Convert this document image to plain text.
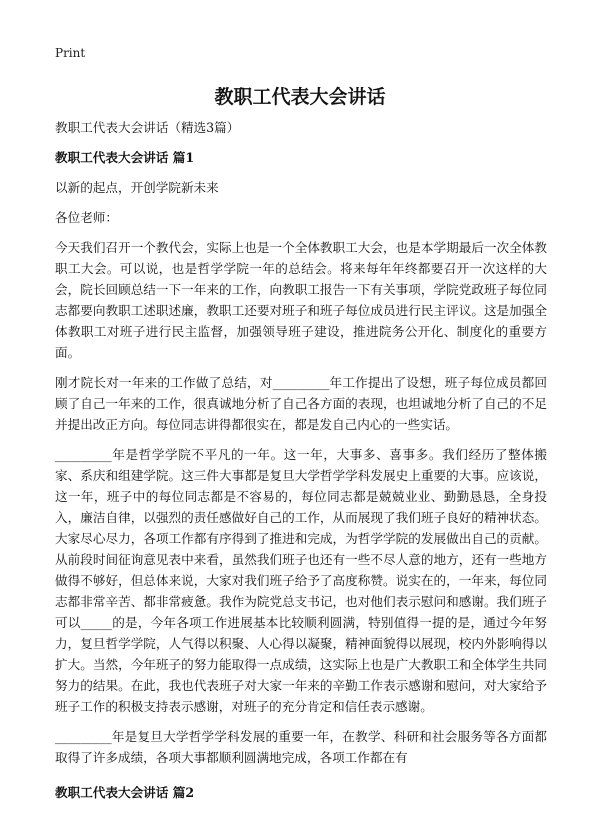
Print
教职工代表大会讲话

教职工代表大会讲话（精选3篇）

教职工代表大会讲话 篇1

以新的起点，开创学院新未来

各位老师：

今天我们召开一个教代会，实际上也是一个全体教职工大会，也是本学期最后一次全体教职工大会。可以说，也是哲学学院一年的总结会。将来每年年终都要召开一次这样的大会，院长回顾总结一下一年来的工作，向教职工报告一下有关事项，学院党政班子每位同志都要向教职工述职述廉，教职工还要对班子和班子每位成员进行民主评议。这是加强全体教职工对班子进行民主监督，加强领导班子建设，推进院务公开化、制度化的重要方面。

刚才院长对一年来的工作做了总结，对_________年工作提出了设想，班子每位成员都回顾了自己一年来的工作，很真诚地分析了自己各方面的表现，也坦诚地分析了自己的不足并提出改正方向。每位同志讲得都很实在，都是发自己内心的一些实话。

_________年是哲学学院不平凡的一年。这一年，大事多、喜事多。我们经历了整体搬家、系庆和组建学院。这三件大事都是复旦大学哲学学科发展史上重要的大事。应该说，这一年，班子中的每位同志都是不容易的，每位同志都是兢兢业业、勤勤恳恳，全身投入，廉洁自律，以强烈的责任感做好自己的工作，从而展现了我们班子良好的精神状态。大家尽心尽力，各项工作都有序得到了推进和完成，为哲学学院的发展做出自己的贡献。从前段时间征询意见表中来看，虽然我们班子也还有一些不尽人意的地方，还有一些地方做得不够好，但总体来说，大家对我们班子给予了高度称赞。说实在的，一年来，每位同志都非常辛苦、都非常疲惫。我作为院党总支书记，也对他们表示慰问和感谢。我们班子可以_____的是，今年各项工作进展基本比较顺利圆满，特别值得一提的是，通过今年努力，复旦哲学学院，人气得以积聚、人心得以凝聚，精神面貌得以展现，校内外影响得以扩大。当然，今年班子的努力能取得一点成绩，这实际上也是广大教职工和全体学生共同努力的结果。在此，我也代表班子对大家一年来的辛勤工作表示感谢和慰问，对大家给予班子工作的积极支持表示感谢，对班子的充分肯定和信任表示感谢。

_________年是复旦大学哲学学科发展的重要一年，在教学、科研和社会服务等各方面都取得了许多成绩，各项大事都顺利圆满地完成，各项工作都在有

教职工代表大会讲话 篇2
